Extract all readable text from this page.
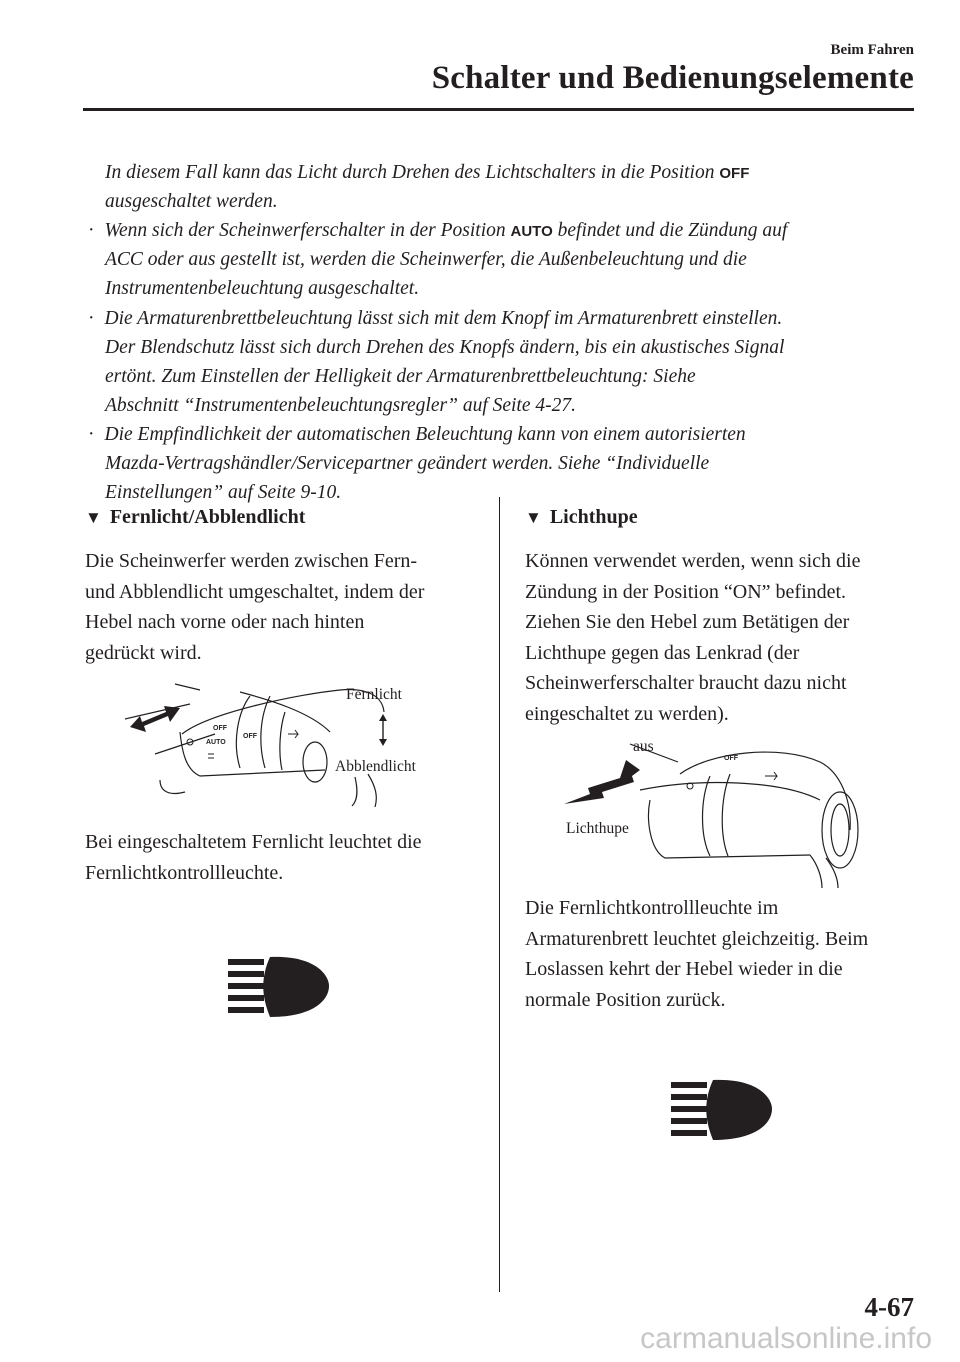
Beim Fahren
Schalter und Bedienungselemente
In diesem Fall kann das Licht durch Drehen des Lichtschalters in die Position OFF
ausgeschaltet werden.
· Wenn sich der Scheinwerferschalter in der Position AUTO befindet und die Zündung auf
ACC oder aus gestellt ist, werden die Scheinwerfer, die Außenbeleuchtung und die
Instrumentenbeleuchtung ausgeschaltet.
· Die Armaturenbrettbeleuchtung lässt sich mit dem Knopf im Armaturenbrett einstellen.
Der Blendschutz lässt sich durch Drehen des Knopfs ändern, bis ein akustisches Signal
ertönt. Zum Einstellen der Helligkeit der Armaturenbrettbeleuchtung: Siehe
Abschnitt “Instrumentenbeleuchtungsregler” auf Seite 4-27.
· Die Empfindlichkeit der automatischen Beleuchtung kann von einem autorisierten
Mazda-Vertragshändler/Servicepartner geändert werden. Siehe “Individuelle
Einstellungen” auf Seite 9-10.
▼ Fernlicht/Abblendlicht
Die Scheinwerfer werden zwischen Fern-
und Abblendlicht umgeschaltet, indem der
Hebel nach vorne oder nach hinten
gedrückt wird.
OFF
AUTO
OFF
Fernlicht
Abblendlicht
Bei eingeschaltetem Fernlicht leuchtet die
Fernlichtkontrollleuchte.
▼ Lichthupe
Können verwendet werden, wenn sich die
Zündung in der Position “ON” befindet.
Ziehen Sie den Hebel zum Betätigen der
Lichthupe gegen das Lenkrad (der
Scheinwerferschalter braucht dazu nicht
eingeschaltet zu werden).
OFF
aus
Lichthupe
Die Fernlichtkontrollleuchte im
Armaturenbrett leuchtet gleichzeitig. Beim
Loslassen kehrt der Hebel wieder in die
normale Position zurück.
4-67
carmanualsonline.info
